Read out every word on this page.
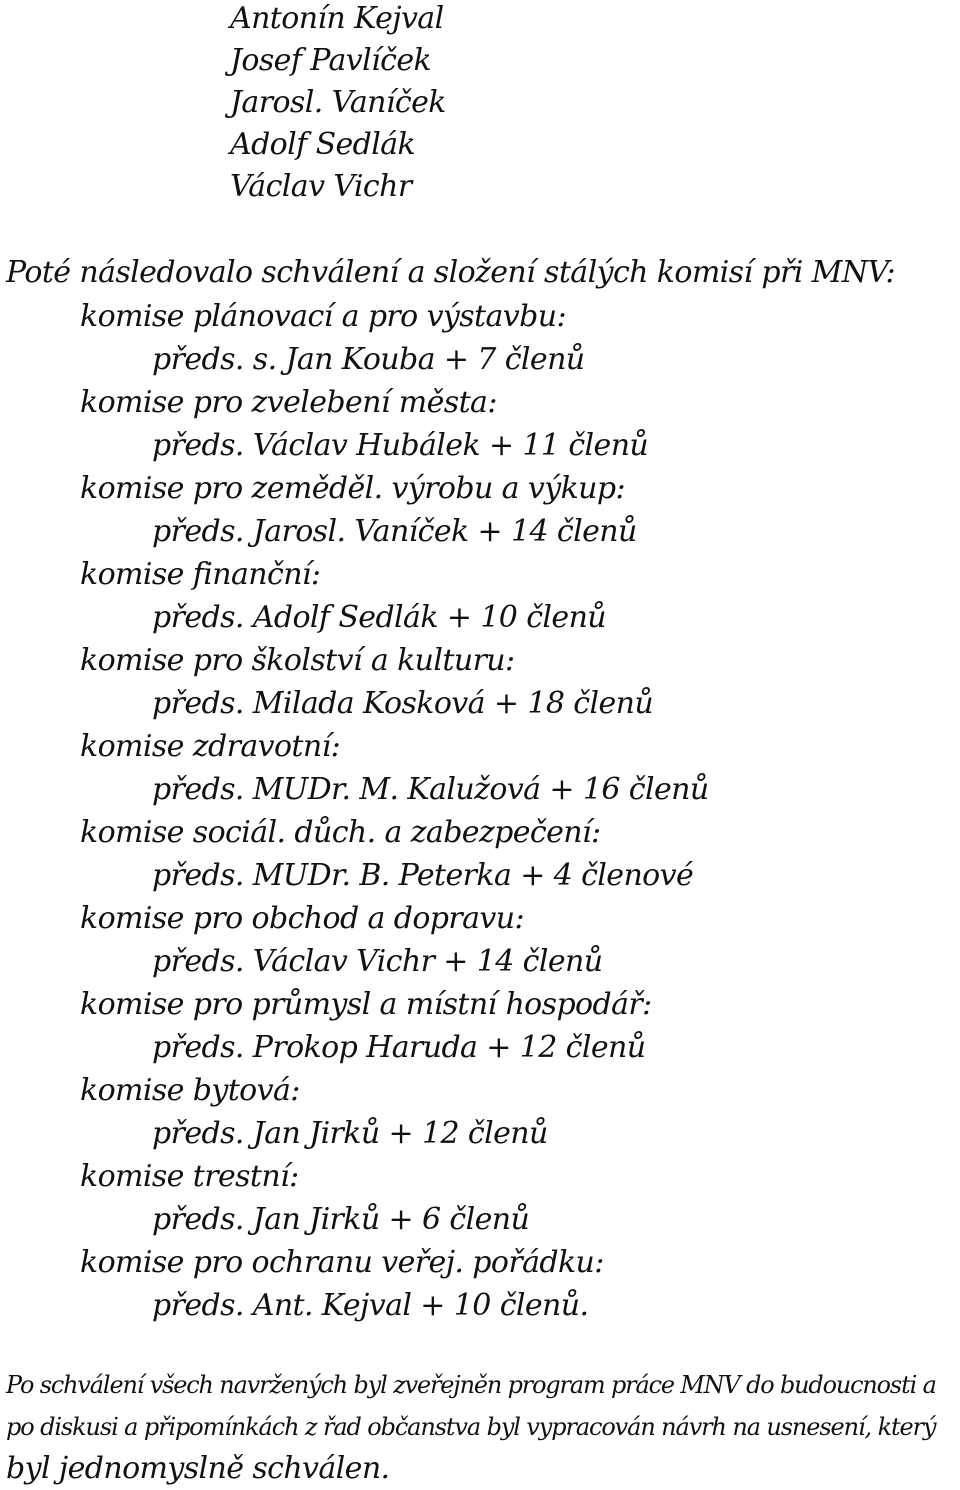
Antonín Kejval
Josef Pavlíček
Jarosl. Vaníček
Adolf Sedlák
Václav Vichr
Poté následovalo schválení a složení stálých komisí při MNV:
komise plánovací a pro výstavbu:
předs. s. Jan Kouba + 7 členů
komise pro zvelebení města:
předs. Václav Hubálek + 11 členů
komise pro zeměděl. výrobu a výkup:
předs. Jarosl. Vaníček + 14 členů
komise finanční:
předs. Adolf Sedlák + 10 členů
komise pro školství a kulturu:
předs. Milada Kosková + 18 členů
komise zdravotní:
předs. MUDr. M. Kalužová + 16 členů
komise sociál. důch. a zabezpečení:
předs. MUDr. B. Peterka + 4 členové
komise pro obchod a dopravu:
předs. Václav Vichr + 14 členů
komise pro průmysl a místní hospodář:
předs. Prokop Haruda + 12 členů
komise bytová:
předs. Jan Jirků + 12 členů
komise trestní:
předs. Jan Jirků + 6 členů
komise pro ochranu veřej. pořádku:
předs. Ant. Kejval + 10 členů.
Po schválení všech navržených byl zveřejněn program práce MNV do budoucnosti a
po diskusi a připomínkách z řad občanstva byl vypracován návrh na usnesení, který
byl jednomyslně schválen.
